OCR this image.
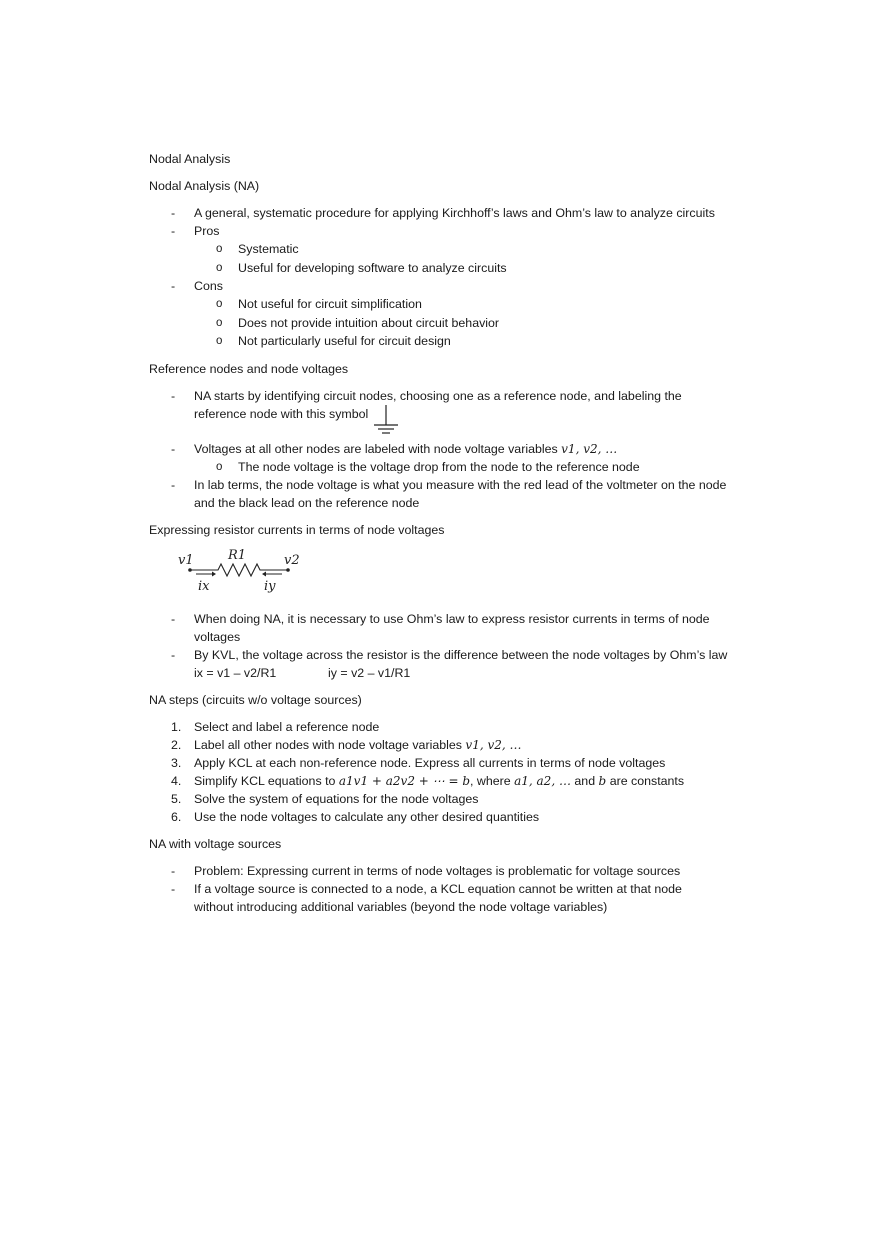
Nodal Analysis

Nodal Analysis (NA)

- A general, systematic procedure for applying Kirchhoff’s laws and Ohm’s law to analyze circuits
- Pros
o Systematic
o Useful for developing software to analyze circuits
- Cons
o Not useful for circuit simplification
o Does not provide intuition about circuit behavior
o Not particularly useful for circuit design

Reference nodes and node voltages

- NA starts by identifying circuit nodes, choosing one as a reference node, and labeling the reference node with this symbol
- Voltages at all other nodes are labeled with node voltage variables v1, v2, …
o The node voltage is the voltage drop from the node to the reference node
- In lab terms, the node voltage is what you measure with the red lead of the voltmeter on the node and the black lead on the reference node

Expressing resistor currents in terms of node voltages

v1	R1	v2
ix	iy
- When doing NA, it is necessary to use Ohm’s law to express resistor currents in terms of node voltages
- By KVL, the voltage across the resistor is the difference between the node voltages by Ohm’s law
ix = v1 – v2/R1	iy = v2 – v1/R1

NA steps (circuits w/o voltage sources)

1. Select and label a reference node
2. Label all other nodes with node voltage variables v1, v2, …
3. Apply KCL at each non-reference node. Express all currents in terms of node voltages
4. Simplify KCL equations to a1v1 + a2v2 + ⋯ = b, where a1, a2, … and b are constants
5. Solve the system of equations for the node voltages
6. Use the node voltages to calculate any other desired quantities

NA with voltage sources

- Problem: Expressing current in terms of node voltages is problematic for voltage sources
- If a voltage source is connected to a node, a KCL equation cannot be written at that node without introducing additional variables (beyond the node voltage variables)
